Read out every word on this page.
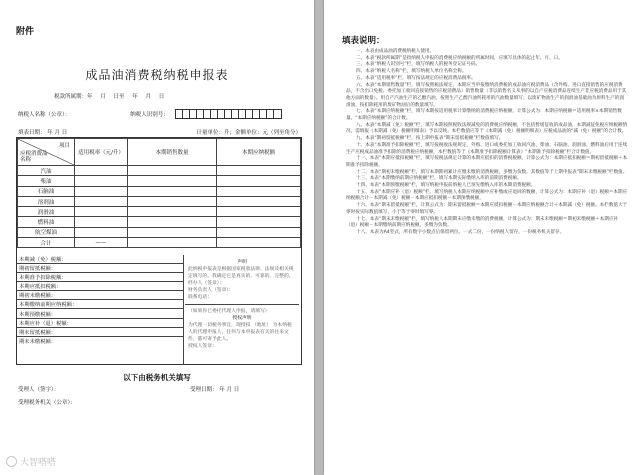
附件
成品油消费税纳税申报表
税款所属期：年 月 日至 年 月 日
纳税人名称（公章）：	纳税人识别号：
填表日期： 年 月 日	计量单位：升；金额单位：元（列至角分）
项目
应税消费品名称	适用税率（元/升）	本期销售数量	本期应纳税额
汽油			
柴油			
石脑油			
溶剂油			
润滑油			
燃料油			
航空煤油			
合计	——		
本期减（免）税额：
期初留抵税额：
本期准予扣除税额：
本期应抵扣税额：
期初未缴税额：
本期缴纳前期应纳税额：
本期预缴税额：
本期应补（退）税额：
期末留抵税额：
期末未缴税额：
声明
此纳税申报表是根据国家税收法律、法规及相关规定填写的，我确定它是真实的、可靠的、完整的。
经办人（签章）：
财务负责人（签章）：
联系电话：
（如果你已委托代理人申报，请填写）
授权声明
为代理一切税务事宜，现授权 （地址） 为本纳税人的代理申报人，任何与本申报表有关的往来文件，都可寄予此人。
授权人签章：
以下由税务机关填写
受理人（签字）：
受理税务机关（公章）：
受理日期： 年 月 日
填表说明：

一、本表由成品油消费税纳税人使用。

二、本表“税款所属期”是指纳税人申报的消费税应纳税额的所属时间，应填写具体的起止年、月、日。

三、本表“纳税人识别号”栏，填写纳税人的税务登记证号码。

四、本表“纳税人名称”栏，填写纳税人单位名称全称。

五、本表“适用税率”栏，填写按法规定的应税消费品税率。

六、本表“本期销售数量”栏，填写按照税法规定，本期应当申报缴纳消费税的成品油应税消费品（含外购、进口直接销售的应税消费品，不含出口免税、委托加工收回直接销售的应税消费品）销售数量（非以销售名义从事的以自产应税消费品连续生产非应税消费品用于其他方面的数量）。用自产汽油生产的乙醇汽油，按照生产乙醇汽油所耗用的汽油数量填写；以废矿物油生产的润滑油基础油为原料生产的润滑油，按扣除耗用的废矿物油后的数量填写。

七、本表“本期应纳税额”栏，填写本期按适用税率计算缴纳的消费税应纳税额，计算公式为：本期应纳税额＝适用税率×本期销售数量。“本期应纳税额”的合计数。

八、本表“本期减（免）税额”栏，填写本期按照税收法规减免的消费税应纳税额，不包括暂缓征收的成品油，本期减征免税应纳税额情况，需填报《本期减（免）税额明细表》予以反映。本栏数值应等于《本期减（免）税额明细表》应税成品油的“减（免）税额”的合计数。

九、本表“期初留抵税额”栏，按上期申报表“期末留抵税额”栏数值填写。

十、本表“本期准予扣除税额”栏，填写按税收法规规定，外购、进口或委托加工收回汽油、柴油、石脑油、润滑油、燃料油后用于连续生产应税成品油准予扣除的消费税应纳税额，本栏数值等于《本期准予扣除税额计算表》“本期准予扣除税额”栏合计数值。

十一、本表“本期应抵扣税额”栏，填写按税法规定计算的本期应抵扣的消费税税额，计算公式为：本期应抵扣税额＝期初留抵税额＋本期准予扣除税额。

十二、本表“期初未缴税额”栏，填写本期期初累计应缴未缴的消费税额，多缴为负数。其数值等于上期申报表“期末未缴税额”栏数值。

十三、本表“本期缴纳前期应纳税额”栏，填写本期实际缴纳入库的前期消费税额。

十四、本表“本期预缴税额”栏，填写纳税申报前纳税人已预先缴纳入库的本期消费税额。

十五、本表“本期应补（退）税额”栏，填写纳税人本期应纳税额中应补缴或应退回的数额，计算公式为：本期应补（退）税额＝本期应纳税额合计－本期减（免）税额－本期应抵扣税额－本期预缴税额。

十六、本表“期末留抵税额”栏，计算公式为：期末留抵税额＝本期应抵扣税额－本期应纳税额合计＋本期减（免）税额。本栏数值大于零时按实际数值填写，小于等于零时填写零。

十七、本表“期末未缴税额”栏，填写纳税人本期期末应缴未缴的消费税额，计算公式为：期末未缴税额＝期初未缴税额＋本期应补（退）税额－本期缴纳前期应纳税额。多缴为负数。

十八、本表为A4竖式，所有数字小数点后保留两位。一式二份，一份纳税人留存，一份税务机关留存。

大智嗒嗒
